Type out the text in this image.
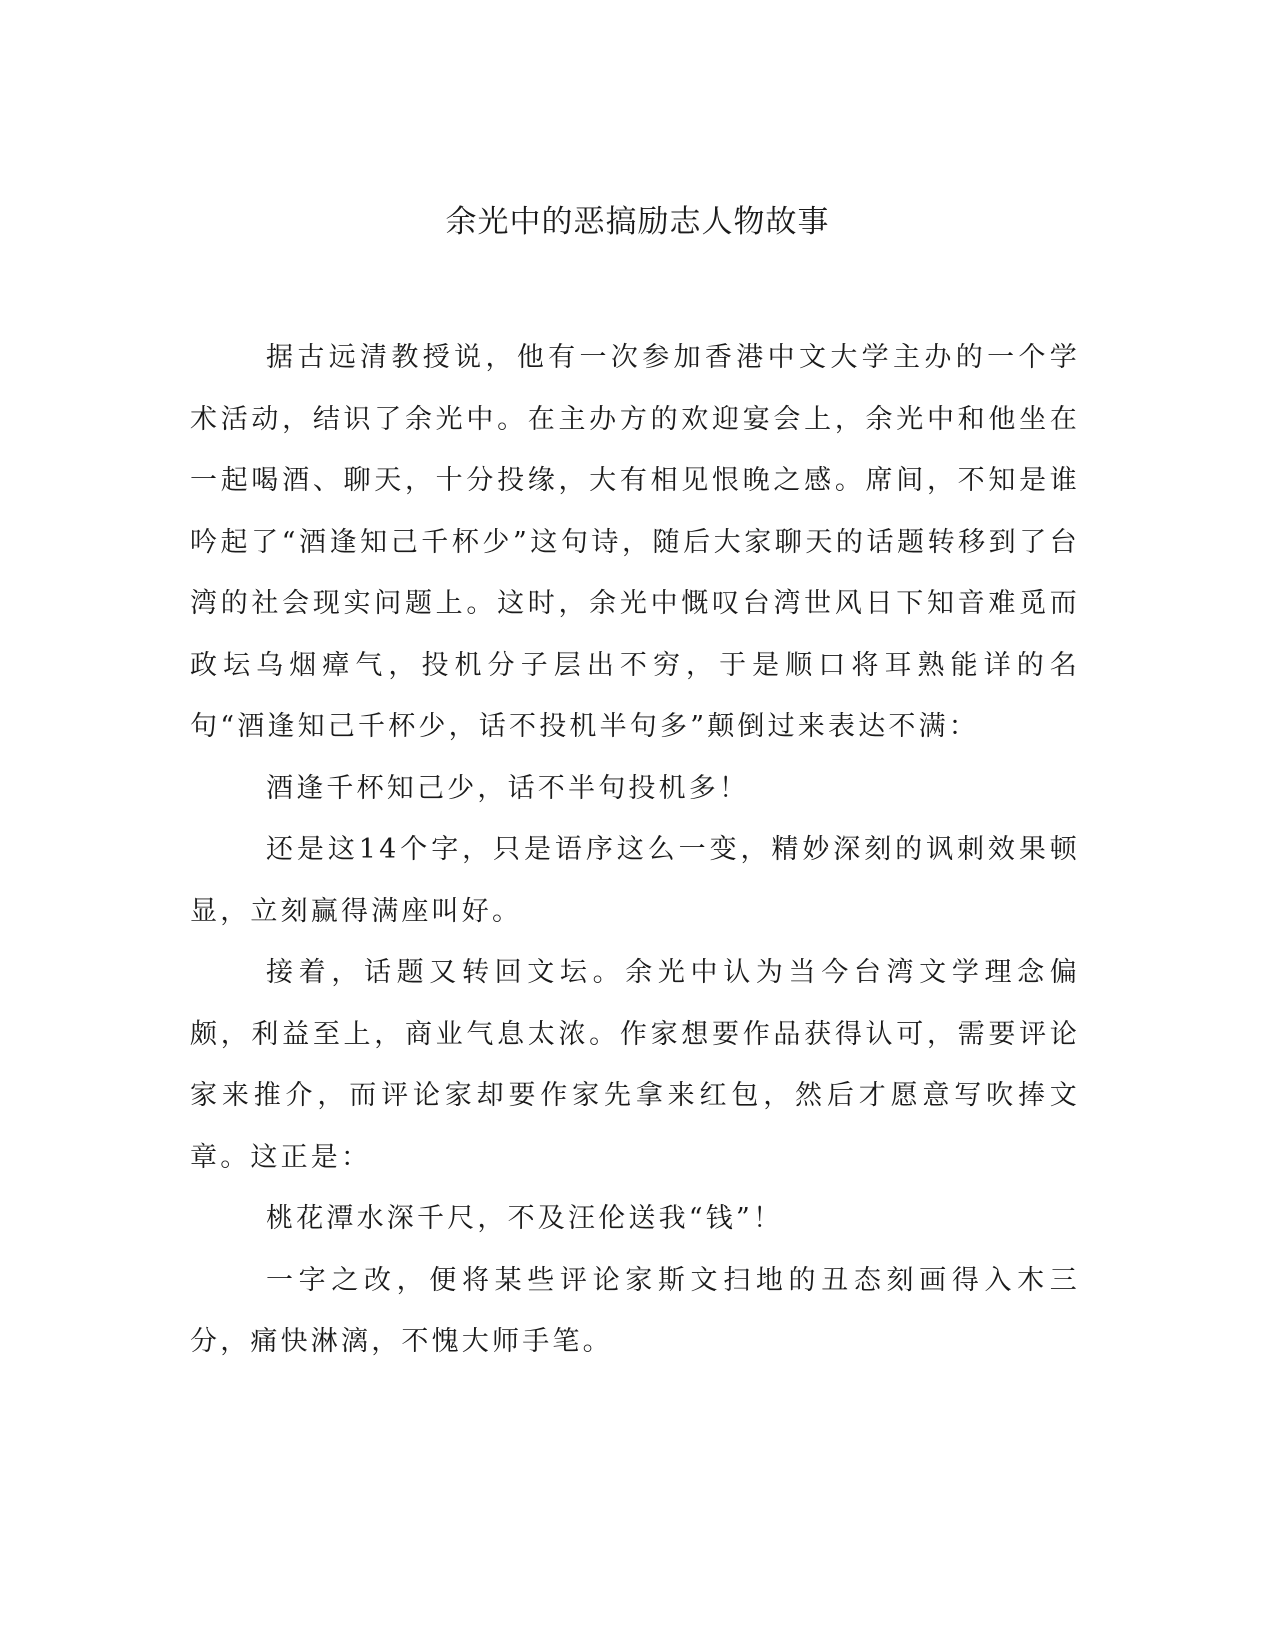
余光中的恶搞励志人物故事

据古远清教授说，他有一次参加香港中文大学主办的一个学术活动，结识了余光中。在主办方的欢迎宴会上，余光中和他坐在一起喝酒、聊天，十分投缘，大有相见恨晚之感。席间，不知是谁吟起了“酒逢知己千杯少”这句诗，随后大家聊天的话题转移到了台湾的社会现实问题上。这时，余光中慨叹台湾世风日下知音难觅而政坛乌烟瘴气，投机分子层出不穷，于是顺口将耳熟能详的名句“酒逢知己千杯少，话不投机半句多”颠倒过来表达不满：

酒逢千杯知己少，话不半句投机多！

还是这14个字，只是语序这么一变，精妙深刻的讽刺效果顿显，立刻赢得满座叫好。

接着，话题又转回文坛。余光中认为当今台湾文学理念偏颇，利益至上，商业气息太浓。作家想要作品获得认可，需要评论家来推介，而评论家却要作家先拿来红包，然后才愿意写吹捧文章。这正是：

桃花潭水深千尺，不及汪伦送我“钱”！

一字之改，便将某些评论家斯文扫地的丑态刻画得入木三分，痛快淋漓，不愧大师手笔。
